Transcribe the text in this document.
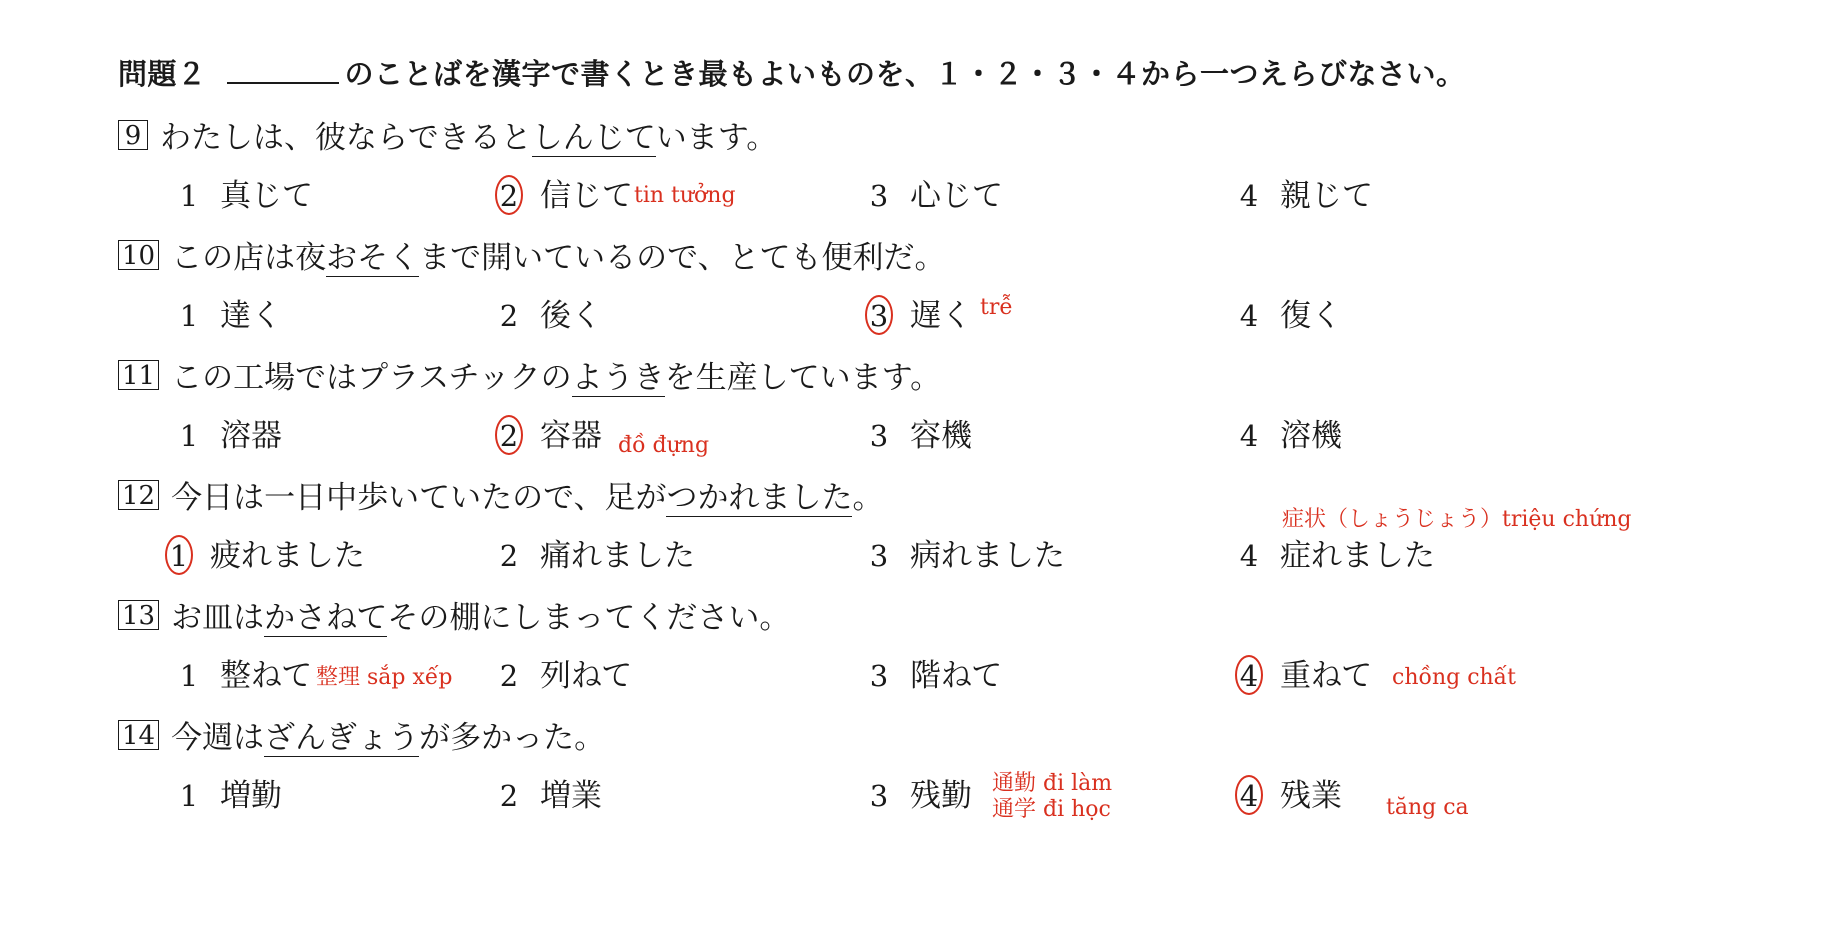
問題２	のことばを漢字で書くとき最もよいものを、１・２・３・４から一つえらびなさい。
9 わたしは、彼ならできるとしんじています。
1 真じて	2 信じて	3 心じて	4 親じて
tin tưởng
10 この店は夜おそくまで開いているので、とても便利だ。
1 達く	2 後く	3 遅く	4 復く
trễ
11 この工場ではプラスチックのようきを生産しています。
1 溶器	2 容器	3 容機	4 溶機
đồ đựng
12 今日は一日中歩いていたので、足がつかれました。
症状（しょうじょう）triệu chứng
1 疲れました	2 痛れました	3 病れました	4 症れました
13 お皿はかさねてその棚にしまってください。
1 整ねて 整理 sắp xếp 2 列ねて	3 階ねて	4 重ねて chồng chất
14 今週はざんぎょうが多かった。
1 増勤	2 増業	3 残勤 通勤 đi làm
通学 đi học	4 残業 tăng ca
